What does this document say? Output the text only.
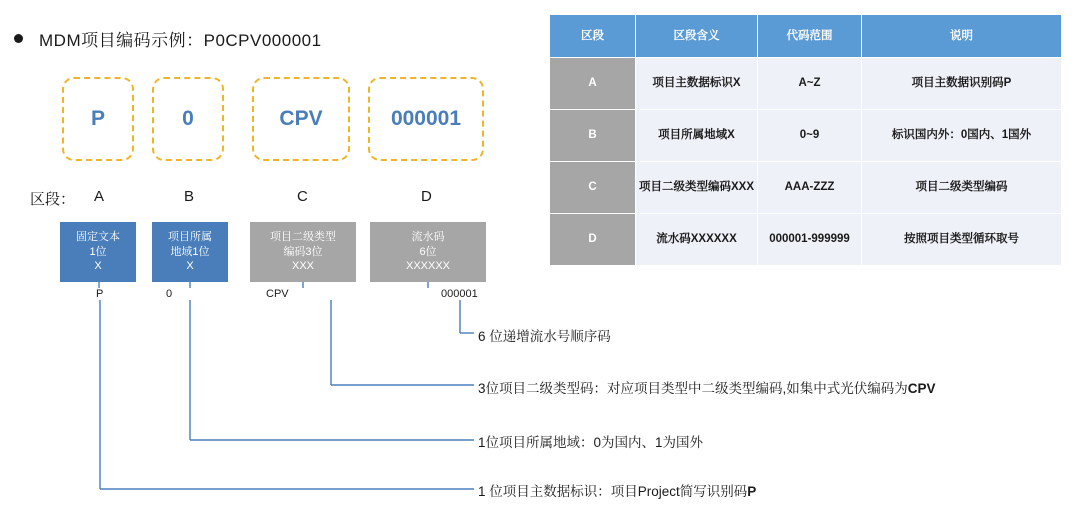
MDM项目编码示例：P0CPV000001
P	0	CPV	000001
区段： A	B	C	D
固定文本
1位
X
项目所属
地域1位
X
项目二级类型
编码3位
XXX
流水码
6位
XXXXXX
P	0	CPV	000001
6 位递增流水号顺序码
3位项目二级类型码：对应项目类型中二级类型编码,如集中式光伏编码为CPV
1位项目所属地域：0为国内、1为国外
1 位项目主数据标识：项目Project简写识别码P
区段	区段含义	代码范围	说明
A	项目主数据标识X	A~Z	项目主数据识别码P
B	项目所属地域X	0~9	标识国内外：0国内、1国外
C	项目二级类型编码XXX	AAA-ZZZ	项目二级类型编码
D	流水码XXXXXX	000001-999999	按照项目类型循环取号
